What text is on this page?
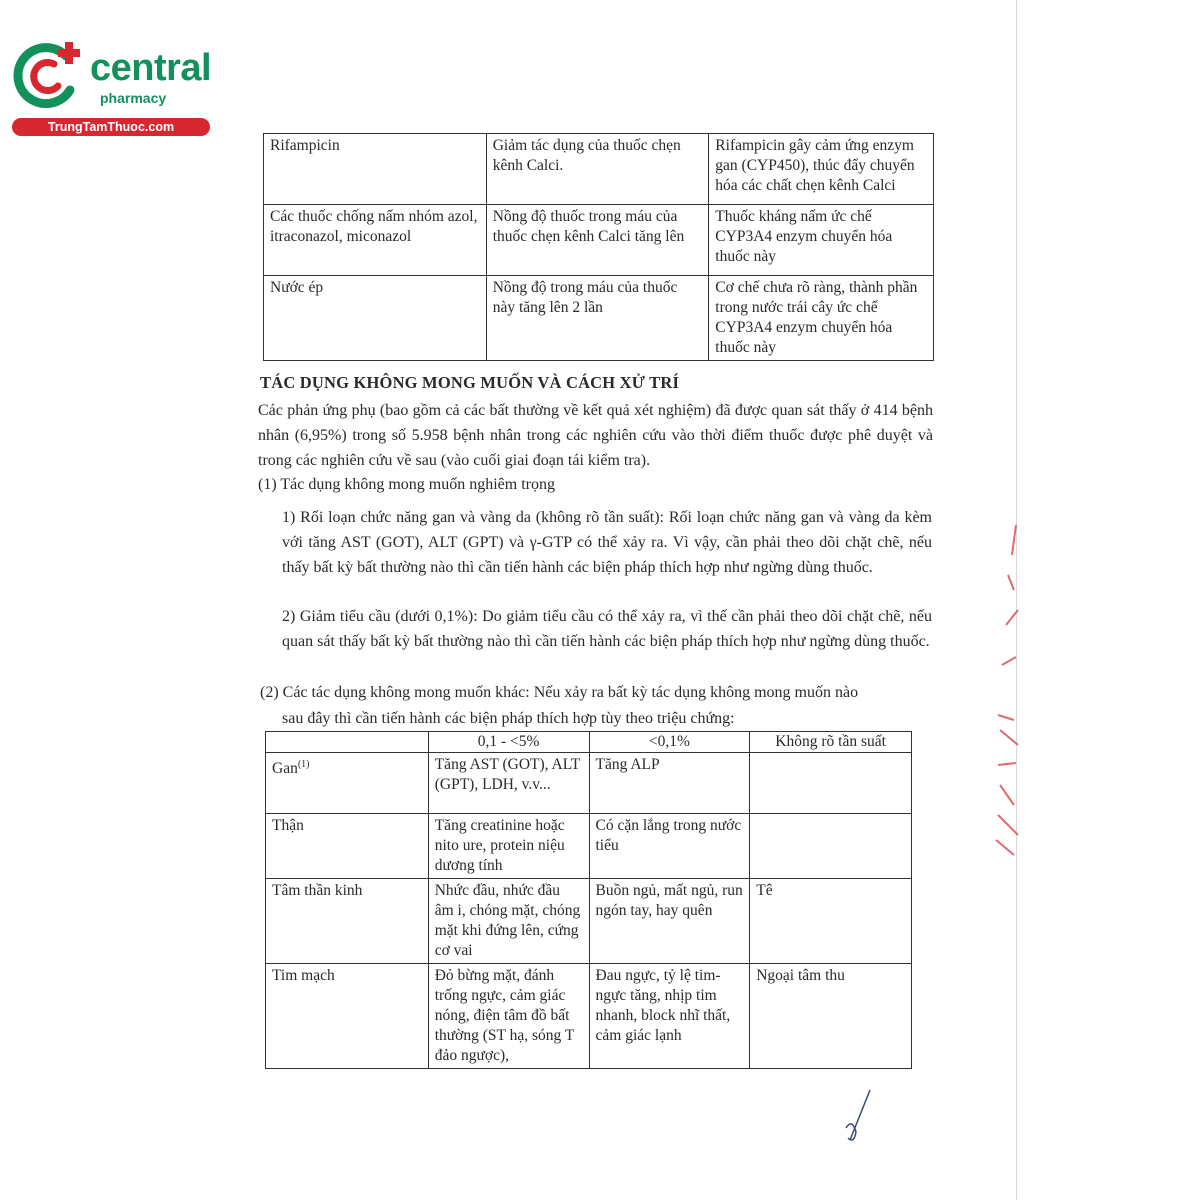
central
pharmacy
TrungTamThuoc.com
Rifampicin	Giảm tác dụng của thuốc chẹn kênh Calci.	Rifampicin gây cảm ứng enzym gan (CYP450), thúc đẩy chuyển hóa các chất chẹn kênh Calci
Các thuốc chống nấm nhóm azol, itraconazol, miconazol	Nồng độ thuốc trong máu của thuốc chẹn kênh Calci tăng lên	Thuốc kháng nấm ức chế CYP3A4 enzym chuyển hóa thuốc này
Nước ép	Nồng độ trong máu của thuốc này tăng lên 2 lần	Cơ chế chưa rõ ràng, thành phần trong nước trái cây ức chế CYP3A4 enzym chuyển hóa thuốc này
TÁC DỤNG KHÔNG MONG MUỐN VÀ CÁCH XỬ TRÍ
Các phản ứng phụ (bao gồm cả các bất thường về kết quả xét nghiệm) đã được quan sát thấy ở 414 bệnh nhân (6,95%) trong số 5.958 bệnh nhân trong các nghiên cứu vào thời điểm thuốc được phê duyệt và trong các nghiên cứu về sau (vào cuối giai đoạn tái kiểm tra).
(1) Tác dụng không mong muốn nghiêm trọng
1) Rối loạn chức năng gan và vàng da (không rõ tần suất): Rối loạn chức năng gan và vàng da kèm với tăng AST (GOT), ALT (GPT) và γ-GTP có thể xảy ra. Vì vậy, cần phải theo dõi chặt chẽ, nếu thấy bất kỳ bất thường nào thì cần tiến hành các biện pháp thích hợp như ngừng dùng thuốc.
2) Giảm tiểu cầu (dưới 0,1%): Do giảm tiểu cầu có thể xảy ra, vì thế cần phải theo dõi chặt chẽ, nếu quan sát thấy bất kỳ bất thường nào thì cần tiến hành các biện pháp thích hợp như ngừng dùng thuốc.
(2) Các tác dụng không mong muốn khác: Nếu xảy ra bất kỳ tác dụng không mong muốn nào
sau đây thì cần tiến hành các biện pháp thích hợp tùy theo triệu chứng:
	0,1 - <5%	<0,1%	Không rõ tần suất
Gan$^{(1)}$	Tăng AST (GOT), ALT (GPT), LDH, v.v...	Tăng ALP	
Thận	Tăng creatinine hoặc nito ure, protein niệu dương tính	Có cặn lắng trong nước tiểu	
Tâm thần kinh	Nhức đầu, nhức đầu âm i, chóng mặt, chóng mặt khi đứng lên, cứng cơ vai	Buồn ngủ, mất ngủ, run ngón tay, hay quên	Tê
Tim mạch	Đỏ bừng mặt, đánh trống ngực, cảm giác nóng, điện tâm đồ bất thường (ST hạ, sóng T đảo ngược),	Đau ngực, tỷ lệ tim-ngực tăng, nhịp tim nhanh, block nhĩ thất, cảm giác lạnh	Ngoại tâm thu
